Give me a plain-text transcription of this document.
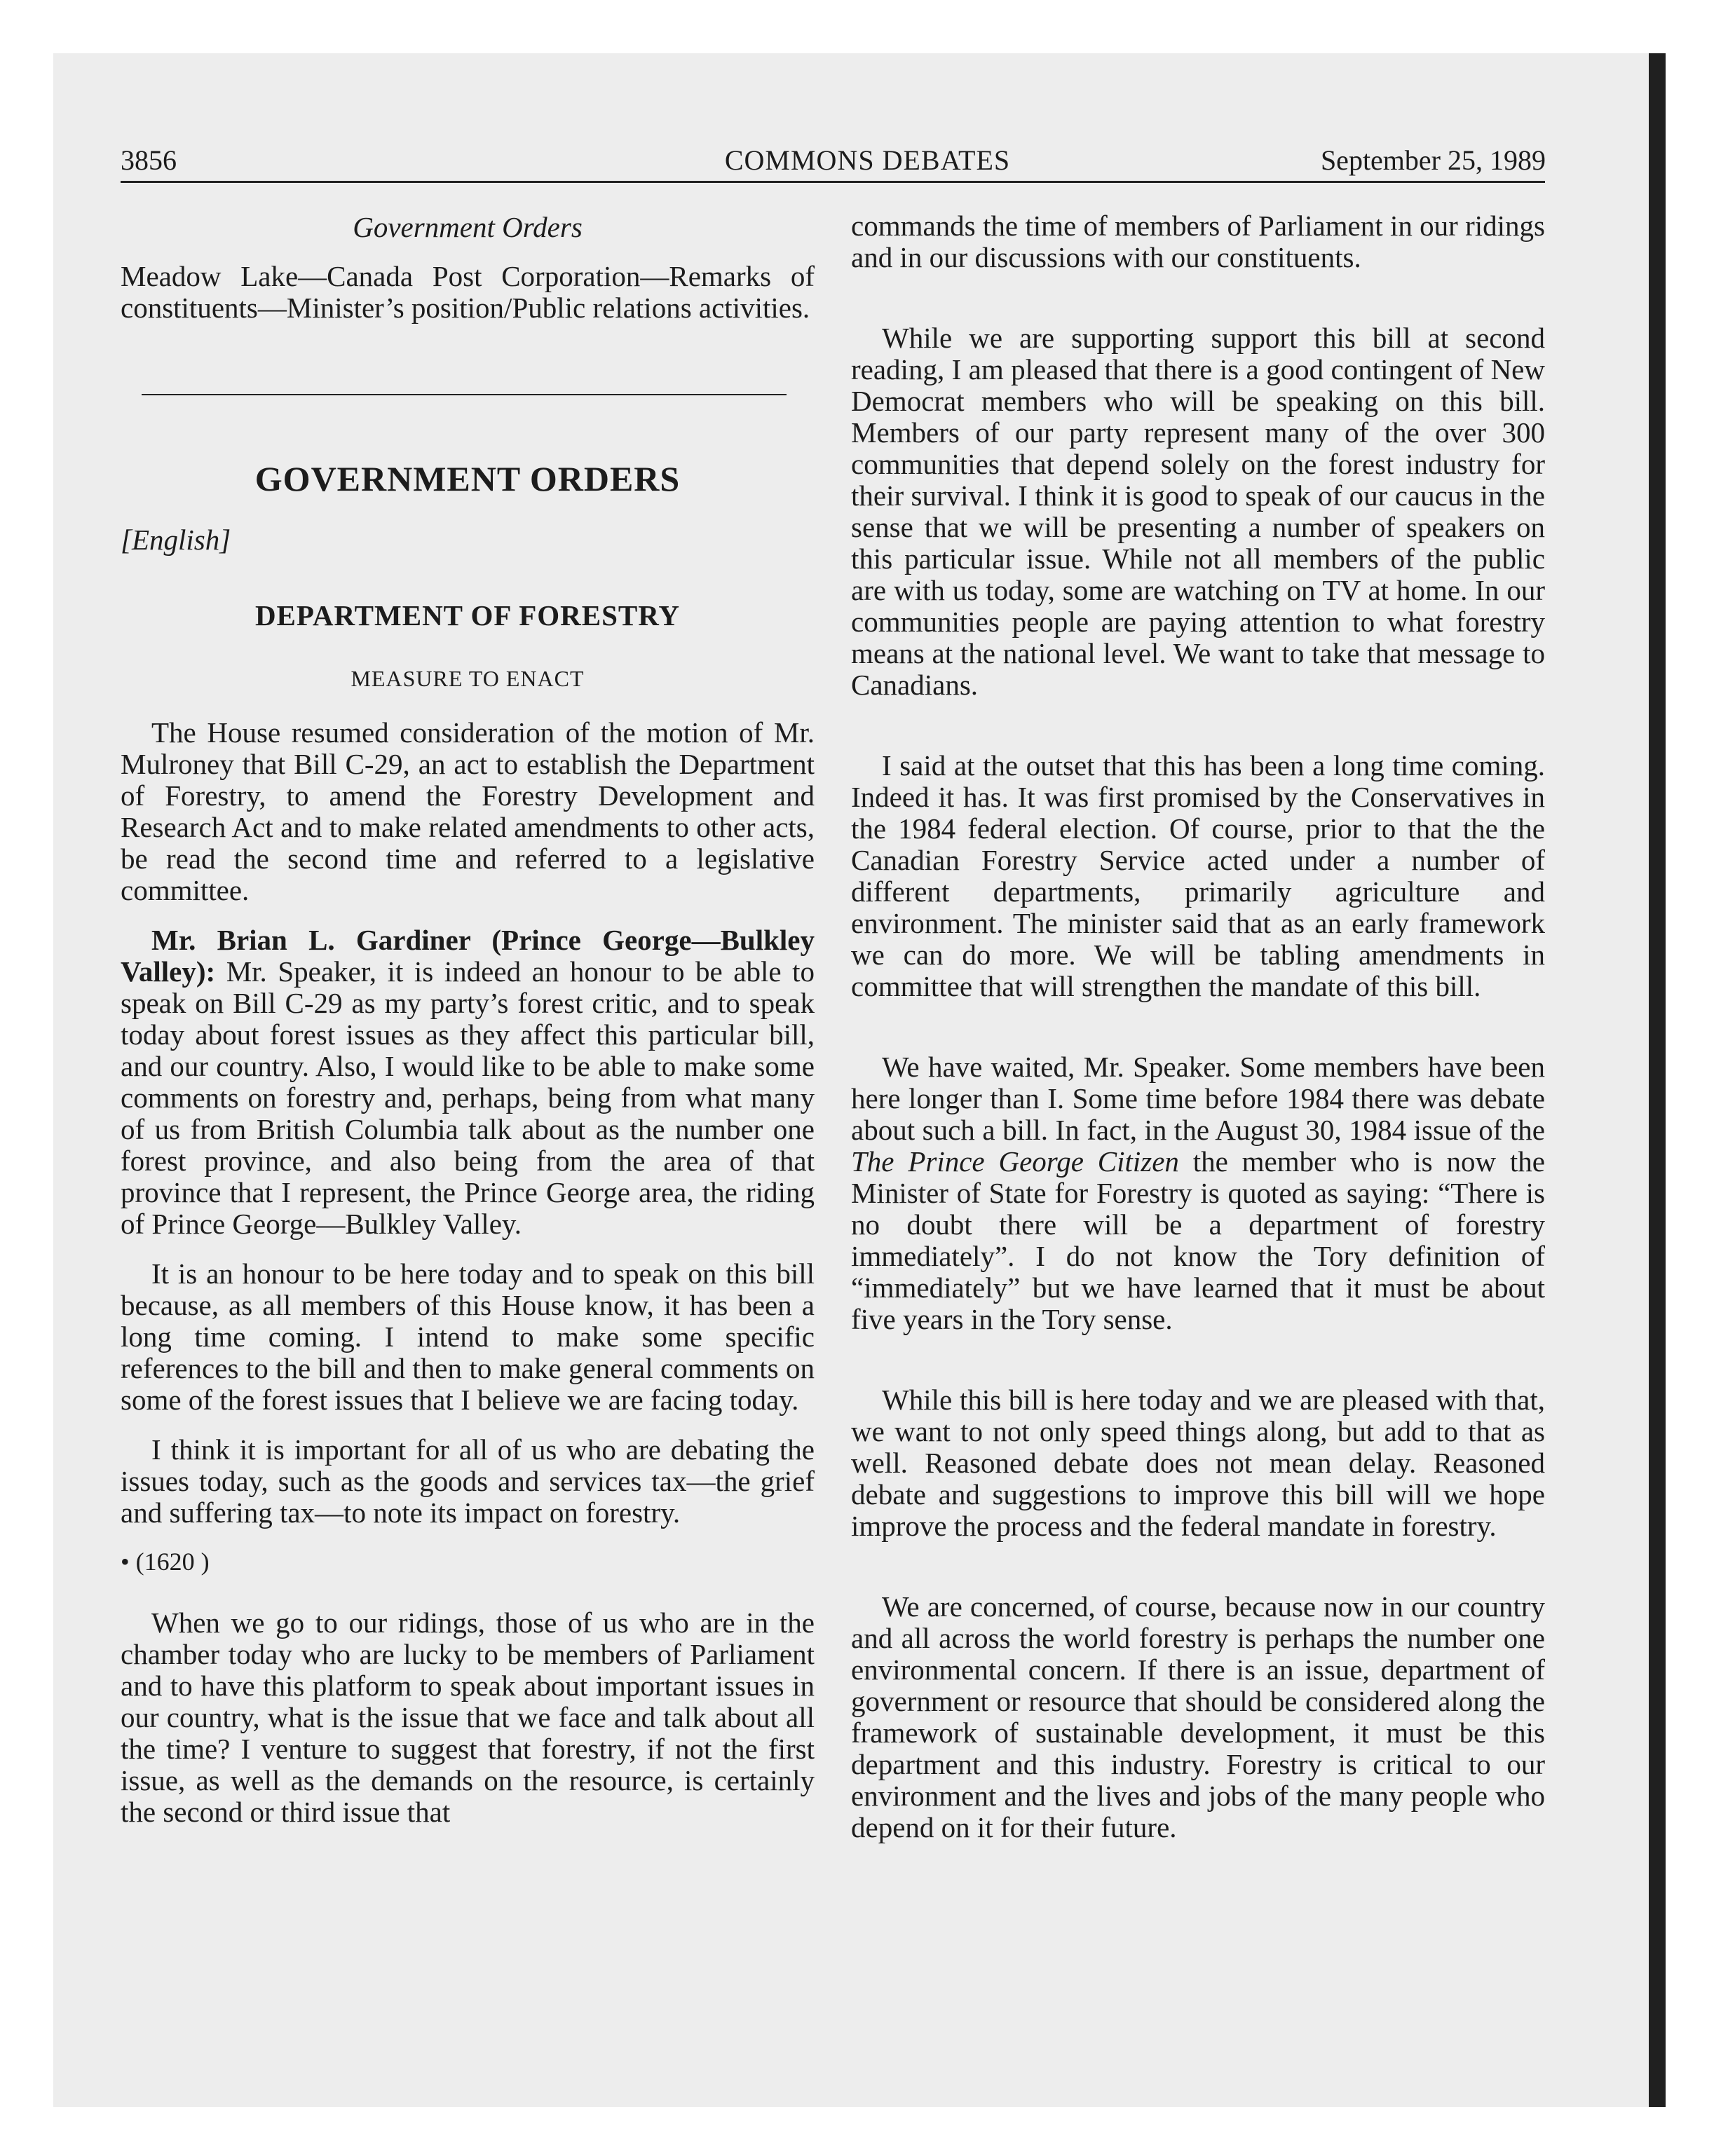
3856	COMMONS DEBATES	September 25, 1989
Government Orders

Meadow Lake—Canada Post Corporation—Remarks of constituents—Minister’s position/Public relations activities.

GOVERNMENT ORDERS
[English]
DEPARTMENT OF FORESTRY
MEASURE TO ENACT

The House resumed consideration of the motion of Mr. Mulroney that Bill C-29, an act to establish the Department of Forestry, to amend the Forestry Development and Research Act and to make related amendments to other acts, be read the second time and referred to a legislative committee.

Mr. Brian L. Gardiner (Prince George—Bulkley Valley): Mr. Speaker, it is indeed an honour to be able to speak on Bill C-29 as my party’s forest critic, and to speak today about forest issues as they affect this particular bill, and our country. Also, I would like to be able to make some comments on forestry and, perhaps, being from what many of us from British Columbia talk about as the number one forest province, and also being from the area of that province that I represent, the Prince George area, the riding of Prince George—Bulkley Valley.

It is an honour to be here today and to speak on this bill because, as all members of this House know, it has been a long time coming. I intend to make some specific references to the bill and then to make general comments on some of the forest issues that I believe we are facing today.

I think it is important for all of us who are debating the issues today, such as the goods and services tax—the grief and suffering tax—to note its impact on forestry.

• (1620 )

When we go to our ridings, those of us who are in the chamber today who are lucky to be members of Parliament and to have this platform to speak about important issues in our country, what is the issue that we face and talk about all the time? I venture to suggest that forestry, if not the first issue, as well as the demands on the resource, is certainly the second or third issue that

commands the time of members of Parliament in our ridings and in our discussions with our constituents.

While we are supporting support this bill at second reading, I am pleased that there is a good contingent of New Democrat members who will be speaking on this bill. Members of our party represent many of the over 300 communities that depend solely on the forest industry for their survival. I think it is good to speak of our caucus in the sense that we will be presenting a number of speakers on this particular issue. While not all members of the public are with us today, some are watching on TV at home. In our communities people are paying attention to what forestry means at the national level. We want to take that message to Canadians.

I said at the outset that this has been a long time coming. Indeed it has. It was first promised by the Conservatives in the 1984 federal election. Of course, prior to that the the Canadian Forestry Service acted under a number of different departments, primarily agriculture and environment. The minister said that as an early framework we can do more. We will be tabling amendments in committee that will strengthen the mandate of this bill.

We have waited, Mr. Speaker. Some members have been here longer than I. Some time before 1984 there was debate about such a bill. In fact, in the August 30, 1984 issue of the The Prince George Citizen the member who is now the Minister of State for Forestry is quoted as saying: “There is no doubt there will be a department of forestry immediately”. I do not know the Tory definition of “immediately” but we have learned that it must be about five years in the Tory sense.

While this bill is here today and we are pleased with that, we want to not only speed things along, but add to that as well. Reasoned debate does not mean delay. Reasoned debate and suggestions to improve this bill will we hope improve the process and the federal mandate in forestry.

We are concerned, of course, because now in our country and all across the world forestry is perhaps the number one environmental concern. If there is an issue, department of government or resource that should be considered along the framework of sustainable development, it must be this department and this industry. Forestry is critical to our environment and the lives and jobs of the many people who depend on it for their future.
